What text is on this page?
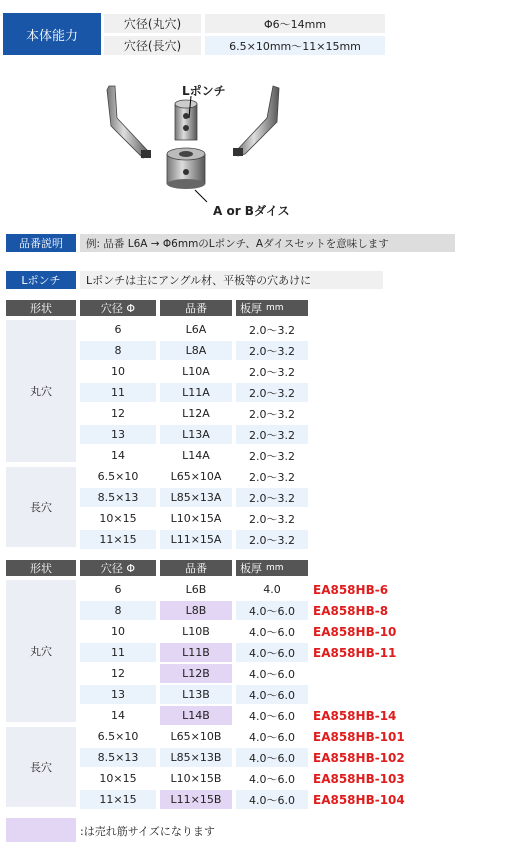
本体能力
穴径(丸穴)	Φ6～14mm
穴径(長穴)	6.5×10mm～11×15mm
Lポンチ
A or Bダイス
品番説明	例: 品番 L6A → Φ6mmのLポンチ、Aダイスセットを意味します
Lポンチ	Lポンチは主にアングル材、平板等の穴あけに
形状	穴径 Φ	品番	板厚 mm
丸穴
6	L6A	2.0～3.2
8	L8A	2.0～3.2
10	L10A	2.0～3.2
11	L11A	2.0～3.2
12	L12A	2.0～3.2
13	L13A	2.0～3.2
14	L14A	2.0～3.2
長穴
6.5×10	L65×10A	2.0～3.2
8.5×13	L85×13A	2.0～3.2
10×15	L10×15A	2.0～3.2
11×15	L11×15A	2.0～3.2
形状	穴径 Φ	品番	板厚 mm
丸穴
6	L6B	4.0	EA858HB-6
8	L8B	4.0～6.0	EA858HB-8
10	L10B	4.0～6.0	EA858HB-10
11	L11B	4.0～6.0	EA858HB-11
12	L12B	4.0～6.0
13	L13B	4.0～6.0
14	L14B	4.0～6.0	EA858HB-14
長穴
6.5×10	L65×10B	4.0～6.0	EA858HB-101
8.5×13	L85×13B	4.0～6.0	EA858HB-102
10×15	L10×15B	4.0～6.0	EA858HB-103
11×15	L11×15B	4.0～6.0	EA858HB-104
:は売れ筋サイズになります
